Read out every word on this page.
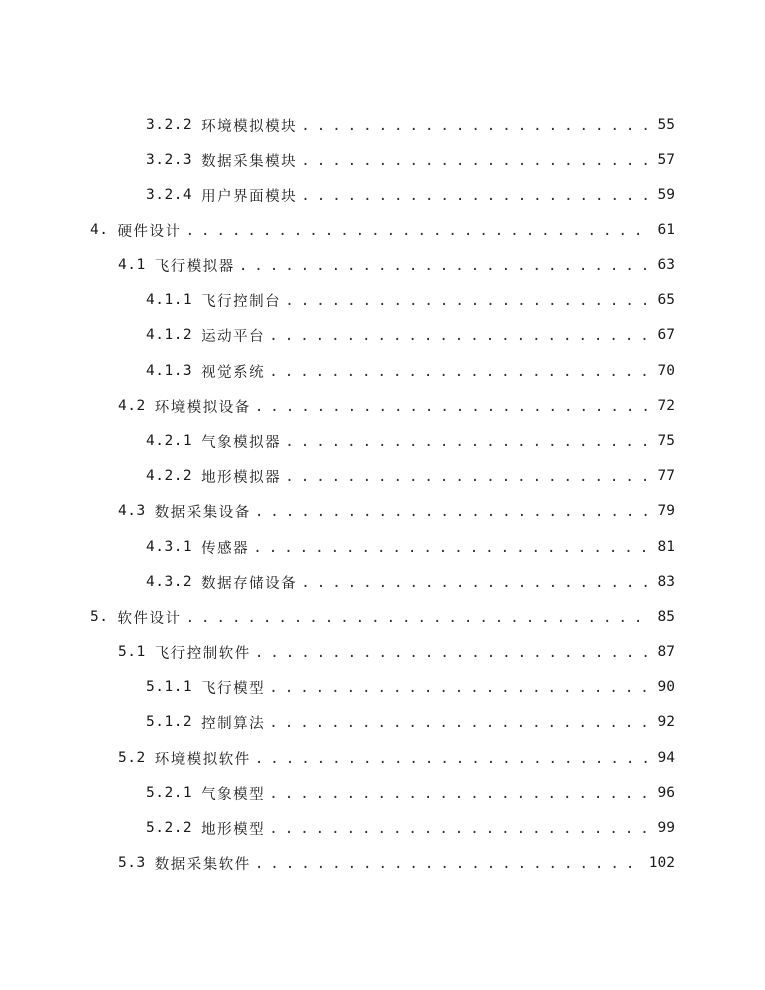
3.2.2 环境模拟模块 . . .	55
3.2.3 数据采集模块 . . .	57
3.2.4 用户界面模块 . . .	59
4. 硬件设计 . . .	61
4.1 飞行模拟器 . . .	63
4.1.1 飞行控制台 . . .	65
4.1.2 运动平台 . . .	67
4.1.3 视觉系统 . . .	70
4.2 环境模拟设备 . . .	72
4.2.1 气象模拟器 . . .	75
4.2.2 地形模拟器 . . .	77
4.3 数据采集设备 . . .	79
4.3.1 传感器 . . .	81
4.3.2 数据存储设备 . . .	83
5. 软件设计 . . .	85
5.1 飞行控制软件 . . .	87
5.1.1 飞行模型 . . .	90
5.1.2 控制算法 . . .	92
5.2 环境模拟软件 . . .	94
5.2.1 气象模型 . . .	96
5.2.2 地形模型 . . .	99
5.3 数据采集软件 . . .	102
